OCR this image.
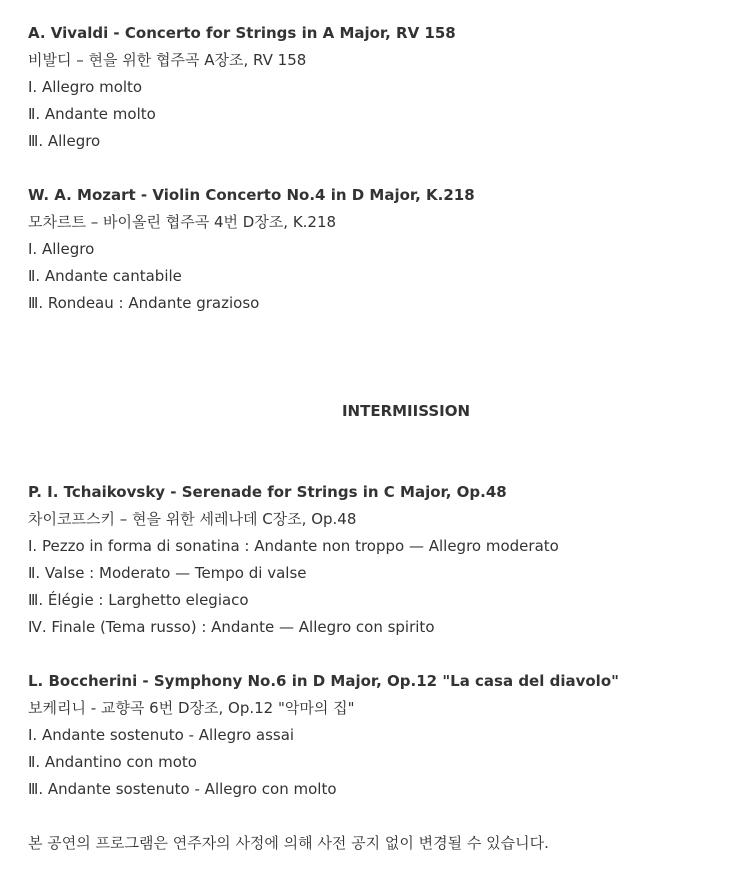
A. Vivaldi - Concerto for Strings in A Major, RV 158
비발디 – 현을 위한 협주곡 A장조, RV 158
Ⅰ. Allegro molto
Ⅱ. Andante molto
Ⅲ. Allegro
W. A. Mozart - Violin Concerto No.4 in D Major, K.218
모차르트 – 바이올린 협주곡 4번 D장조, K.218
Ⅰ. Allegro
Ⅱ. Andante cantabile
Ⅲ. Rondeau : Andante grazioso
INTERMIISSION
P. I. Tchaikovsky - Serenade for Strings in C Major, Op.48
차이코프스키 – 현을 위한 세레나데 C장조, Op.48
Ⅰ. Pezzo in forma di sonatina : Andante non troppo — Allegro moderato
Ⅱ. Valse : Moderato — Tempo di valse
Ⅲ. Élégie : Larghetto elegiaco
Ⅳ. Finale (Tema russo) : Andante — Allegro con spirito
L. Boccherini - Symphony No.6 in D Major, Op.12 "La casa del diavolo"
보케리니 - 교향곡 6번 D장조, Op.12 "악마의 집"
Ⅰ. Andante sostenuto - Allegro assai
Ⅱ. Andantino con moto
Ⅲ. Andante sostenuto - Allegro con molto
본 공연의 프로그램은 연주자의 사정에 의해 사전 공지 없이 변경될 수 있습니다.
